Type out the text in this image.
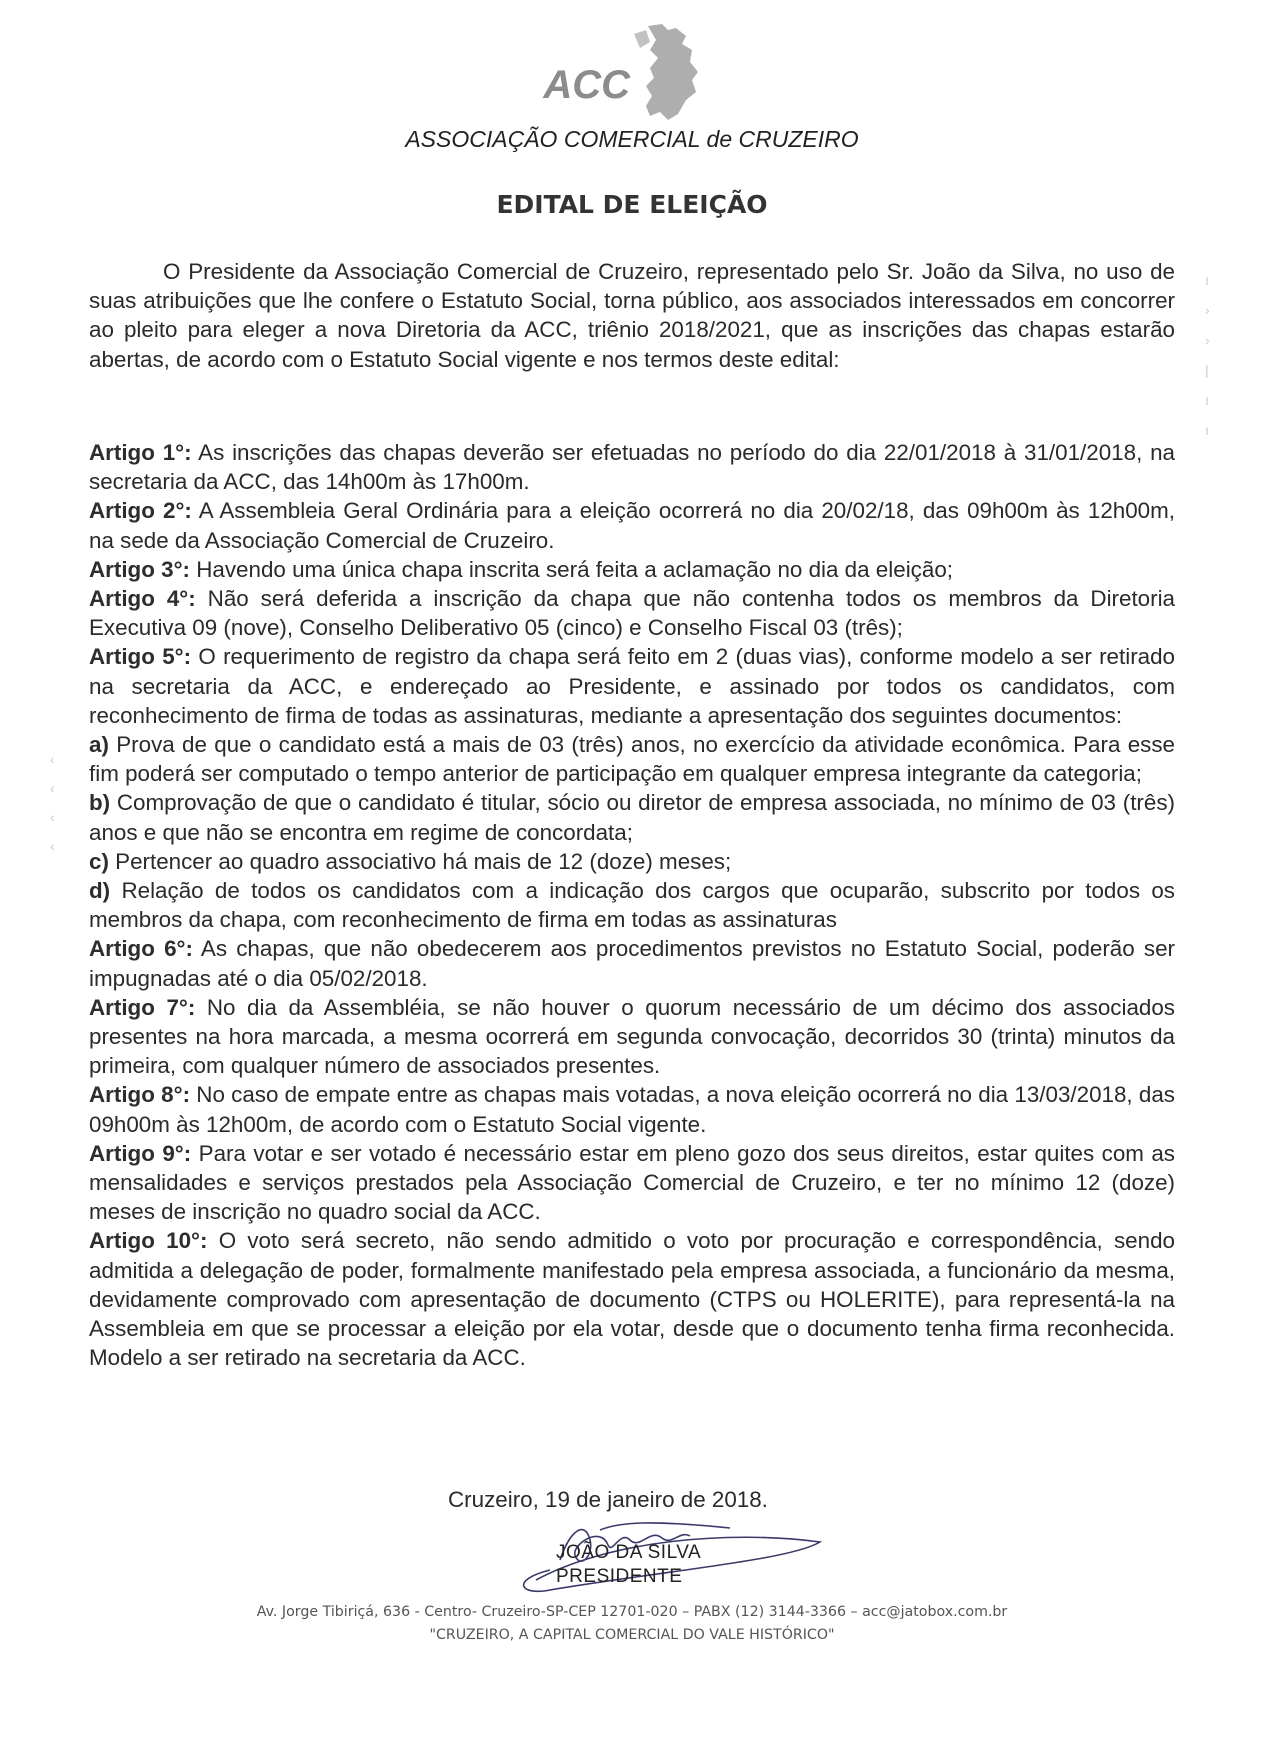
ACC
ASSOCIAÇÃO COMERCIAL de CRUZEIRO
EDITAL DE ELEIÇÃO
O Presidente da Associação Comercial de Cruzeiro, representado pelo Sr. João da Silva, no uso de suas atribuições que lhe confere o Estatuto Social, torna público, aos associados interessados em concorrer ao pleito para eleger a nova Diretoria da ACC, triênio 2018/2021, que as inscrições das chapas estarão abertas, de acordo com o Estatuto Social vigente e nos termos deste edital:

Artigo 1°: As inscrições das chapas deverão ser efetuadas no período do dia 22/01/2018 à 31/01/2018, na secretaria da ACC, das 14h00m às 17h00m.

Artigo 2°: A Assembleia Geral Ordinária para a eleição ocorrerá no dia 20/02/18, das 09h00m às 12h00m, na sede da Associação Comercial de Cruzeiro.

Artigo 3°: Havendo uma única chapa inscrita será feita a aclamação no dia da eleição;

Artigo 4°: Não será deferida a inscrição da chapa que não contenha todos os membros da Diretoria Executiva 09 (nove), Conselho Deliberativo 05 (cinco) e Conselho Fiscal 03 (três);

Artigo 5°: O requerimento de registro da chapa será feito em 2 (duas vias), conforme modelo a ser retirado na secretaria da ACC, e endereçado ao Presidente, e assinado por todos os candidatos, com reconhecimento de firma de todas as assinaturas, mediante a apresentação dos seguintes documentos:

a) Prova de que o candidato está a mais de 03 (três) anos, no exercício da atividade econômica. Para esse fim poderá ser computado o tempo anterior de participação em qualquer empresa integrante da categoria;

b) Comprovação de que o candidato é titular, sócio ou diretor de empresa associada, no mínimo de 03 (três) anos e que não se encontra em regime de concordata;

c) Pertencer ao quadro associativo há mais de 12 (doze) meses;

d) Relação de todos os candidatos com a indicação dos cargos que ocuparão, subscrito por todos os membros da chapa, com reconhecimento de firma em todas as assinaturas

Artigo 6°: As chapas, que não obedecerem aos procedimentos previstos no Estatuto Social, poderão ser impugnadas até o dia 05/02/2018.

Artigo 7°: No dia da Assembléia, se não houver o quorum necessário de um décimo dos associados presentes na hora marcada, a mesma ocorrerá em segunda convocação, decorridos 30 (trinta) minutos da primeira, com qualquer número de associados presentes.

Artigo 8°: No caso de empate entre as chapas mais votadas, a nova eleição ocorrerá no dia 13/03/2018, das 09h00m às 12h00m, de acordo com o Estatuto Social vigente.

Artigo 9°: Para votar e ser votado é necessário estar em pleno gozo dos seus direitos, estar quites com as mensalidades e serviços prestados pela Associação Comercial de Cruzeiro, e ter no mínimo 12 (doze) meses de inscrição no quadro social da ACC.

Artigo 10°: O voto será secreto, não sendo admitido o voto por procuração e correspondência, sendo admitida a delegação de poder, formalmente manifestado pela empresa associada, a funcionário da mesma, devidamente comprovado com apresentação de documento (CTPS ou HOLERITE), para representá-la na Assembleia em que se processar a eleição por ela votar, desde que o documento tenha firma reconhecida. Modelo a ser retirado na secretaria da ACC.

Cruzeiro, 19 de janeiro de 2018.
JOÃO DA SILVA
PRESIDENTE
Av. Jorge Tibiriçá, 636 - Centro- Cruzeiro-SP-CEP 12701-020 – PABX (12) 3144-3366 – acc@jatobox.com.br
"CRUZEIRO, A CAPITAL COMERCIAL DO VALE HISTÓRICO"
ı
›
›
|
ı
ı
‹
‹
‹
‹
